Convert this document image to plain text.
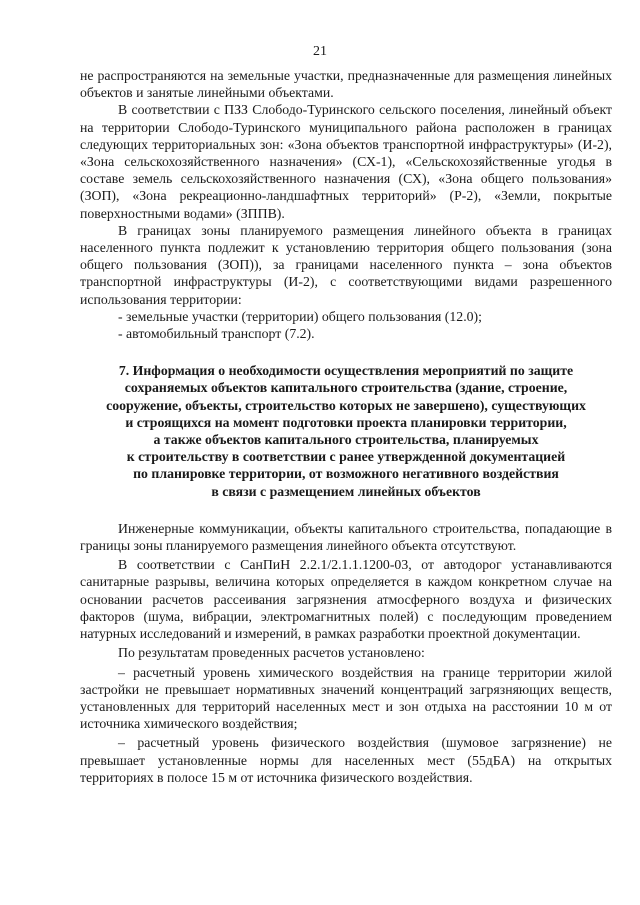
21

не распространяются на земельные участки, предназначенные для размещения линейных объектов и занятые линейными объектами.

В соответствии с ПЗЗ Слободо-Туринского сельского поселения, линейный объект на территории Слободо-Туринского муниципального района расположен в границах следующих территориальных зон: «Зона объектов транспортной инфраструктуры» (И-2), «Зона сельскохозяйственного назначения» (СХ-1), «Сельскохозяйственные угодья в составе земель сельскохозяйственного назначения (СХ), «Зона общего пользования» (ЗОП), «Зона рекреационно-ландшафтных территорий» (Р-2), «Земли, покрытые поверхностными водами» (ЗППВ).

В границах зоны планируемого размещения линейного объекта в границах населенного пункта подлежит к установлению территория общего пользования (зона общего пользования (ЗОП)), за границами населенного пункта – зона объектов транспортной инфраструктуры (И-2), с соответствующими видами разрешенного использования территории:

- земельные участки (территории) общего пользования (12.0);

- автомобильный транспорт (7.2).

7. Информация о необходимости осуществления мероприятий по защите
сохраняемых объектов капитального строительства (здание, строение,
сооружение, объекты, строительство которых не завершено), существующих
и строящихся на момент подготовки проекта планировки территории,
а также объектов капитального строительства, планируемых
к строительству в соответствии с ранее утвержденной документацией
по планировке территории, от возможного негативного воздействия
в связи с размещением линейных объектов

Инженерные коммуникации, объекты капитального строительства, попадающие в границы зоны планируемого размещения линейного объекта отсутствуют.

В соответствии с СанПиН 2.2.1/2.1.1.1200-03, от автодорог устанавливаются санитарные разрывы, величина которых определяется в каждом конкретном случае на основании расчетов рассеивания загрязнения атмосферного воздуха и физических факторов (шума, вибрации, электромагнитных полей) с последующим проведением натурных исследований и измерений, в рамках разработки проектной документации.

По результатам проведенных расчетов установлено:

– расчетный уровень химического воздействия на границе территории жилой застройки не превышает нормативных значений концентраций загрязняющих веществ, установленных для территорий населенных мест и зон отдыха на расстоянии 10 м от источника химического воздействия;

– расчетный уровень физического воздействия (шумовое загрязнение) не превышает установленные нормы для населенных мест (55дБА) на открытых территориях в полосе 15 м от источника физического воздействия.
